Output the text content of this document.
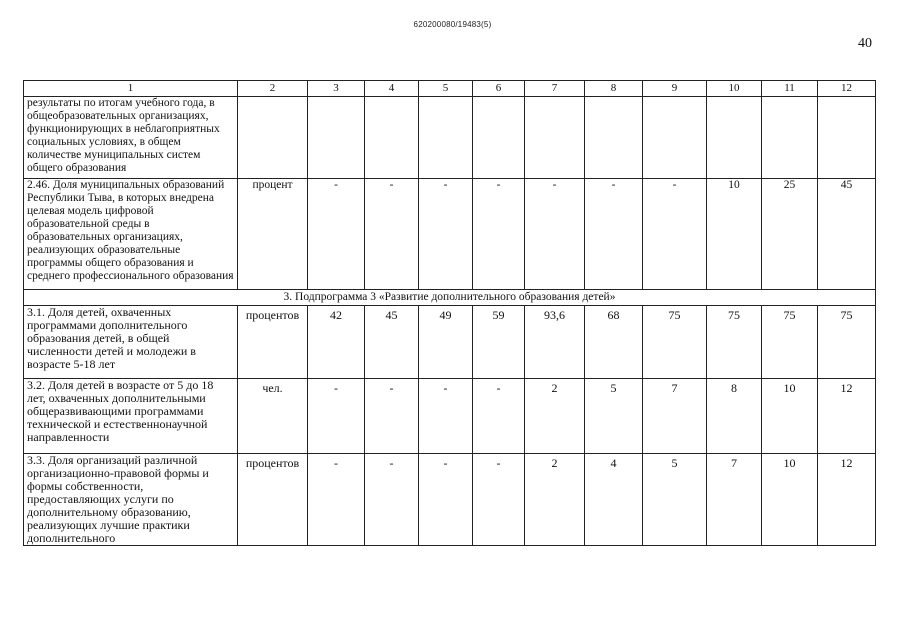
620200080/19483(5)
40
1	2	3	4	5	6	7	8	9	10	11	12
результаты по итогам учебного года, в общеобразовательных организациях, функционирующих в неблагоприятных социальных условиях, в общем количестве муниципальных систем общего образования											
2.46. Доля муниципальных образований Республики Тыва, в которых внедрена целевая модель цифровой образовательной среды в образовательных организациях, реализующих образовательные программы общего образования и среднего профессионального образования	процент	-	-	-	-	-	-	-	10	25	45
3. Подпрограмма 3 «Развитие дополнительного образования детей»											
3.1. Доля детей, охваченных программами дополнительного образования детей, в общей численности детей и молодежи в возрасте 5-18 лет	процентов	42	45	49	59	93,6	68	75	75	75	75
3.2. Доля детей в возрасте от 5 до 18 лет, охваченных дополнительными общеразвивающими программами технической и естественнонаучной направленности	чел.	-	-	-	-	2	5	7	8	10	12
3.3. Доля организаций различной организационно-правовой формы и формы собственности, предоставляющих услуги по дополнительному образованию, реализующих лучшие практики дополнительного	процентов	-	-	-	-	2	4	5	7	10	12
